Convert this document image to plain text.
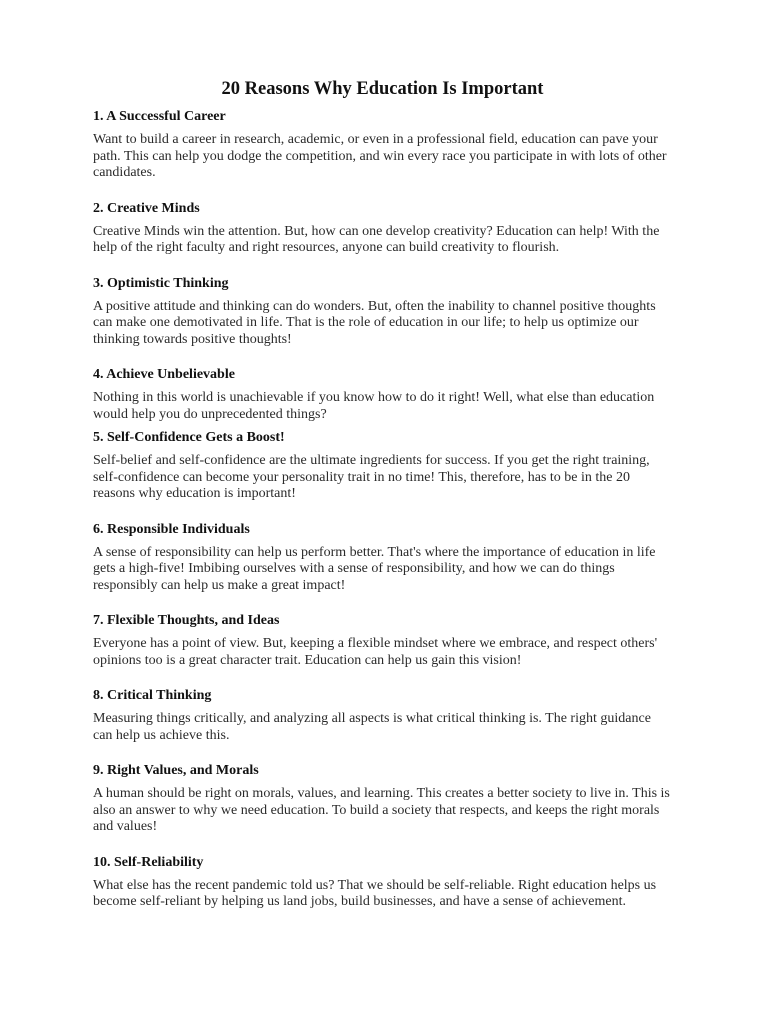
20 Reasons Why Education Is Important
1. A Successful Career

Want to build a career in research, academic, or even in a professional field, education can pave your path. This can help you dodge the competition, and win every race you participate in with lots of other candidates.

2. Creative Minds

Creative Minds win the attention. But, how can one develop creativity? Education can help! With the help of the right faculty and right resources, anyone can build creativity to flourish.

3. Optimistic Thinking

A positive attitude and thinking can do wonders. But, often the inability to channel positive thoughts can make one demotivated in life. That is the role of education in our life; to help us optimize our thinking towards positive thoughts!

4. Achieve Unbelievable

Nothing in this world is unachievable if you know how to do it right! Well, what else than education would help you do unprecedented things?

5. Self-Confidence Gets a Boost!

Self-belief and self-confidence are the ultimate ingredients for success. If you get the right training, self-confidence can become your personality trait in no time! This, therefore, has to be in the 20 reasons why education is important!

6. Responsible Individuals

A sense of responsibility can help us perform better. That's where the importance of education in life gets a high-five! Imbibing ourselves with a sense of responsibility, and how we can do things responsibly can help us make a great impact!

7. Flexible Thoughts, and Ideas

Everyone has a point of view. But, keeping a flexible mindset where we embrace, and respect others' opinions too is a great character trait. Education can help us gain this vision!

8. Critical Thinking

Measuring things critically, and analyzing all aspects is what critical thinking is. The right guidance can help us achieve this.

9. Right Values, and Morals

A human should be right on morals, values, and learning. This creates a better society to live in. This is also an answer to why we need education. To build a society that respects, and keeps the right morals and values!

10. Self-Reliability

What else has the recent pandemic told us? That we should be self-reliable. Right education helps us become self-reliant by helping us land jobs, build businesses, and have a sense of achievement.
